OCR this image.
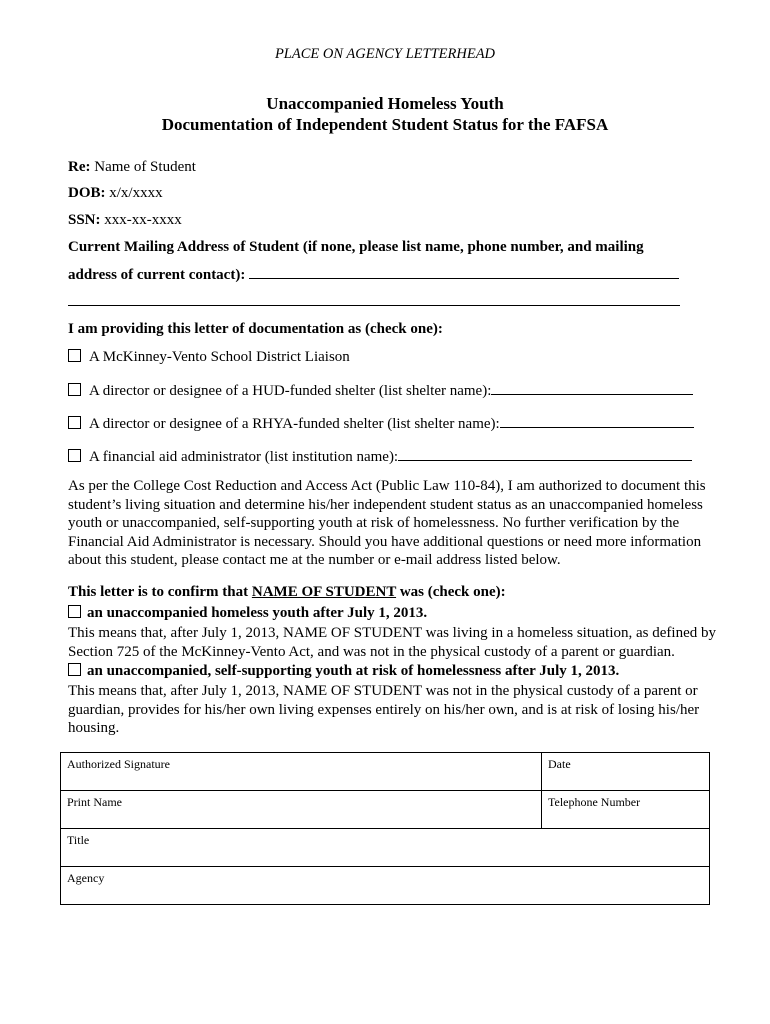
PLACE ON AGENCY LETTERHEAD
Unaccompanied Homeless Youth
Documentation of Independent Student Status for the FAFSA
Re: Name of Student
DOB: x/x/xxxx
SSN: xxx-xx-xxxx
Current Mailing Address of Student (if none, please list name, phone number, and mailing
address of current contact):
I am providing this letter of documentation as (check one):
A McKinney-Vento School District Liaison
A director or designee of a HUD-funded shelter (list shelter name):
A director or designee of a RHYA-funded shelter (list shelter name):
A financial aid administrator (list institution name):
As per the College Cost Reduction and Access Act (Public Law 110-84), I am authorized to document this student’s living situation and determine his/her independent student status as an unaccompanied homeless youth or unaccompanied, self-supporting youth at risk of homelessness. No further verification by the Financial Aid Administrator is necessary. Should you have additional questions or need more information about this student, please contact me at the number or e-mail address listed below.
This letter is to confirm that NAME OF STUDENT was (check one):
an unaccompanied homeless youth after July 1, 2013.
This means that, after July 1, 2013, NAME OF STUDENT was living in a homeless situation, as defined by Section 725 of the McKinney-Vento Act, and was not in the physical custody of a parent or guardian.
an unaccompanied, self-supporting youth at risk of homelessness after July 1, 2013.
This means that, after July 1, 2013, NAME OF STUDENT was not in the physical custody of a parent or guardian, provides for his/her own living expenses entirely on his/her own, and is at risk of losing his/her housing.
Authorized Signature	Date
Print Name	Telephone Number
Title	
Agency	
